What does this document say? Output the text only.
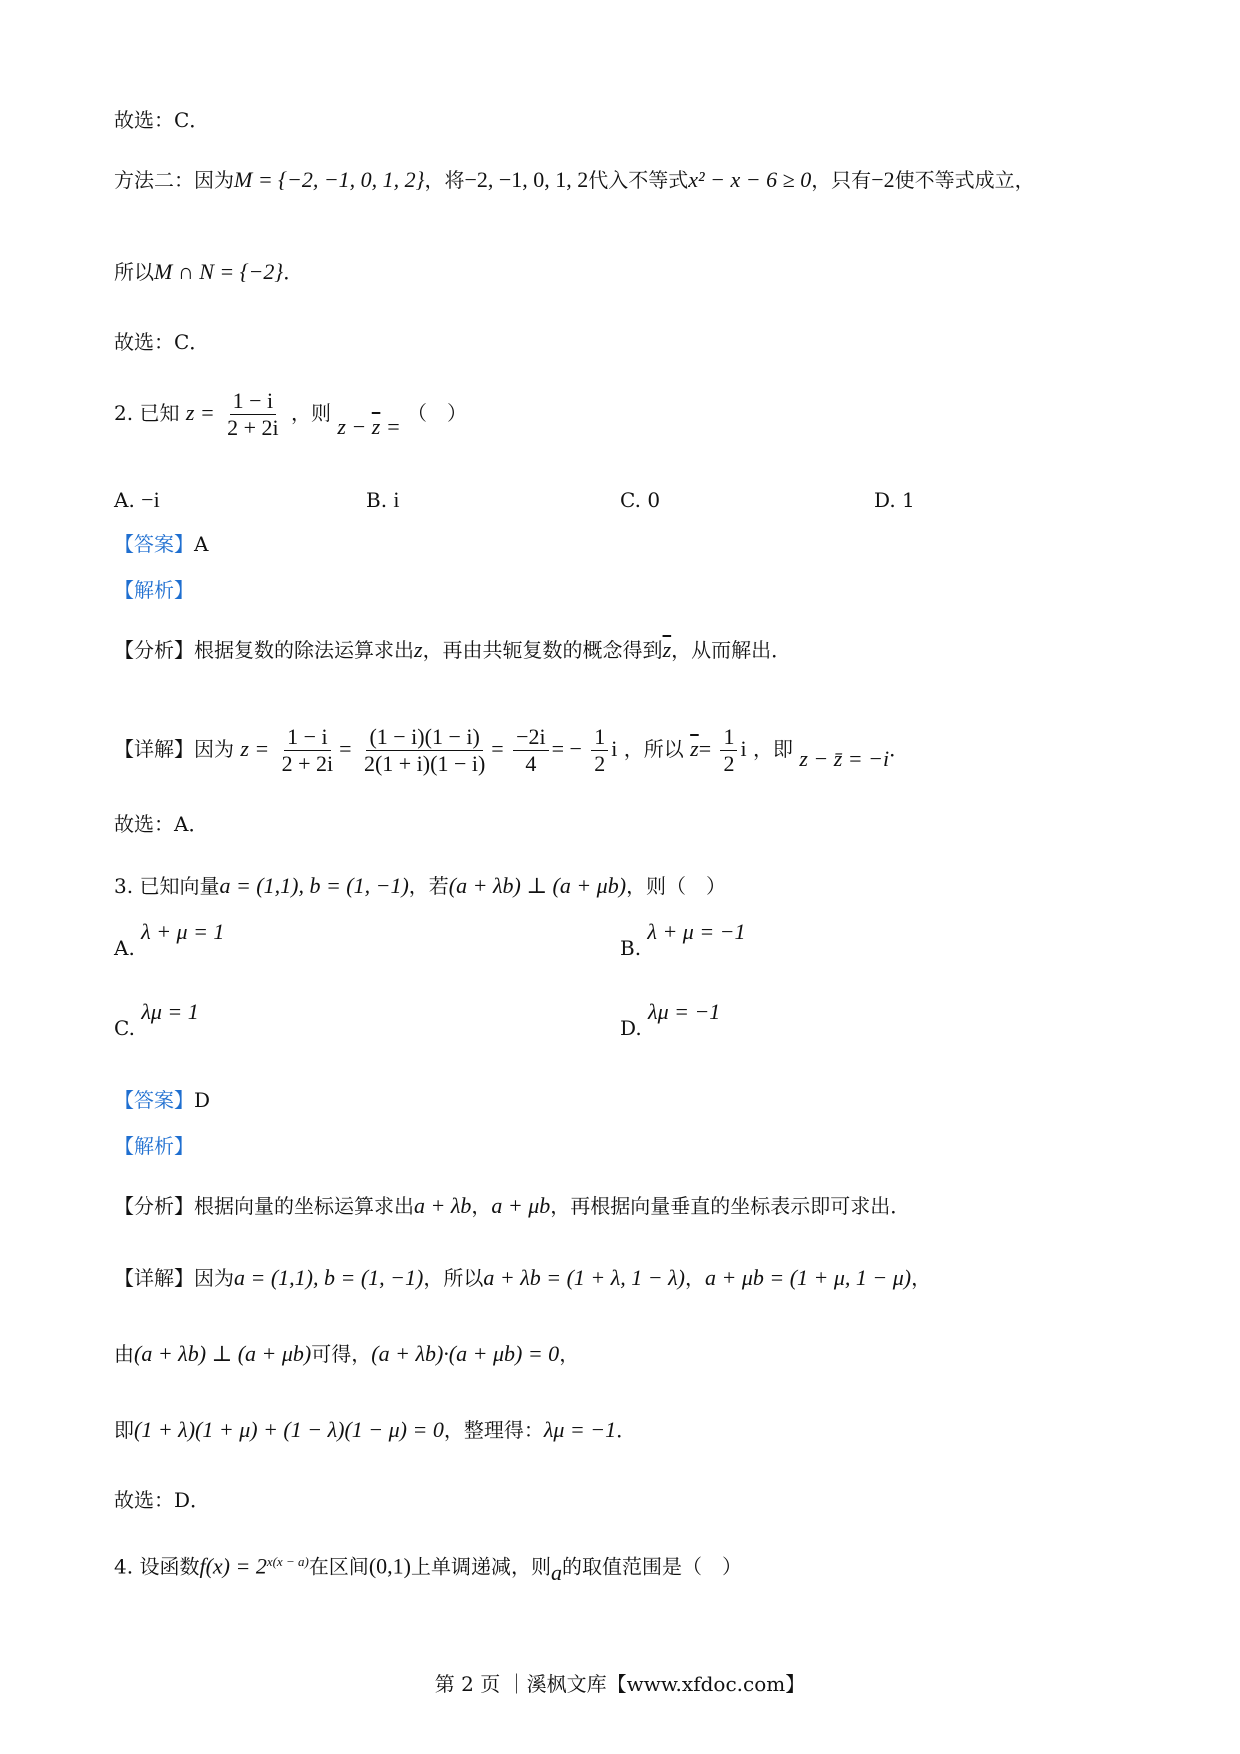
故选：C．
方法二：因为M = {−2, −1, 0, 1, 2}，将−2, −1, 0, 1, 2代入不等式x² − x − 6 ≥ 0，只有−2使不等式成立，
所以M ∩ N = {−2}．
故选：C．
2. 已知 $z = \frac{1 - i}{2 + 2i}$ ，则 $z - \overline{z}$ = （　）
A. −i	B. i	C. 0	D. 1
【答案】A
【解析】
【分析】根据复数的除法运算求出z，再由共轭复数的概念得到$\overline{z}$，从而解出．
【详解】因为 $z = \frac{1 - i}{2 + 2i} = \frac{(1 - i)(1 - i)}{2(1 + i)(1 - i)} = \frac{-2i}{4}$ = − $\frac{1}{2}$ i ，所以 $\overline{z}= \frac{1}{2}$ i ，即 z − z̄ = −i．
故选：A．
3. 已知向量a = (1,1), b = (1, −1)，若(a + λb) ⊥ (a + μb)，则（　）
A. λ + μ = 1
B. λ + μ = −1
C. λμ = 1
D. λμ = −1
【答案】D
【解析】
【分析】根据向量的坐标运算求出a + λb，a + μb，再根据向量垂直的坐标表示即可求出．
【详解】因为a = (1,1), b = (1, −1)，所以a + λb = (1 + λ, 1 − λ)，a + μb = (1 + μ, 1 − μ)，
由(a + λb) ⊥ (a + μb)可得，(a + λb)·(a + μb) = 0，
即(1 + λ)(1 + μ) + (1 − λ)(1 − μ) = 0，整理得：λμ = −1．
故选：D．
4. 设函数$f(x) = 2^{x(x - a)}$在区间(0,1)上单调递减，则a的取值范围是（　）
第 2 页 ｜溪枫文库【www.xfdoc.com】
